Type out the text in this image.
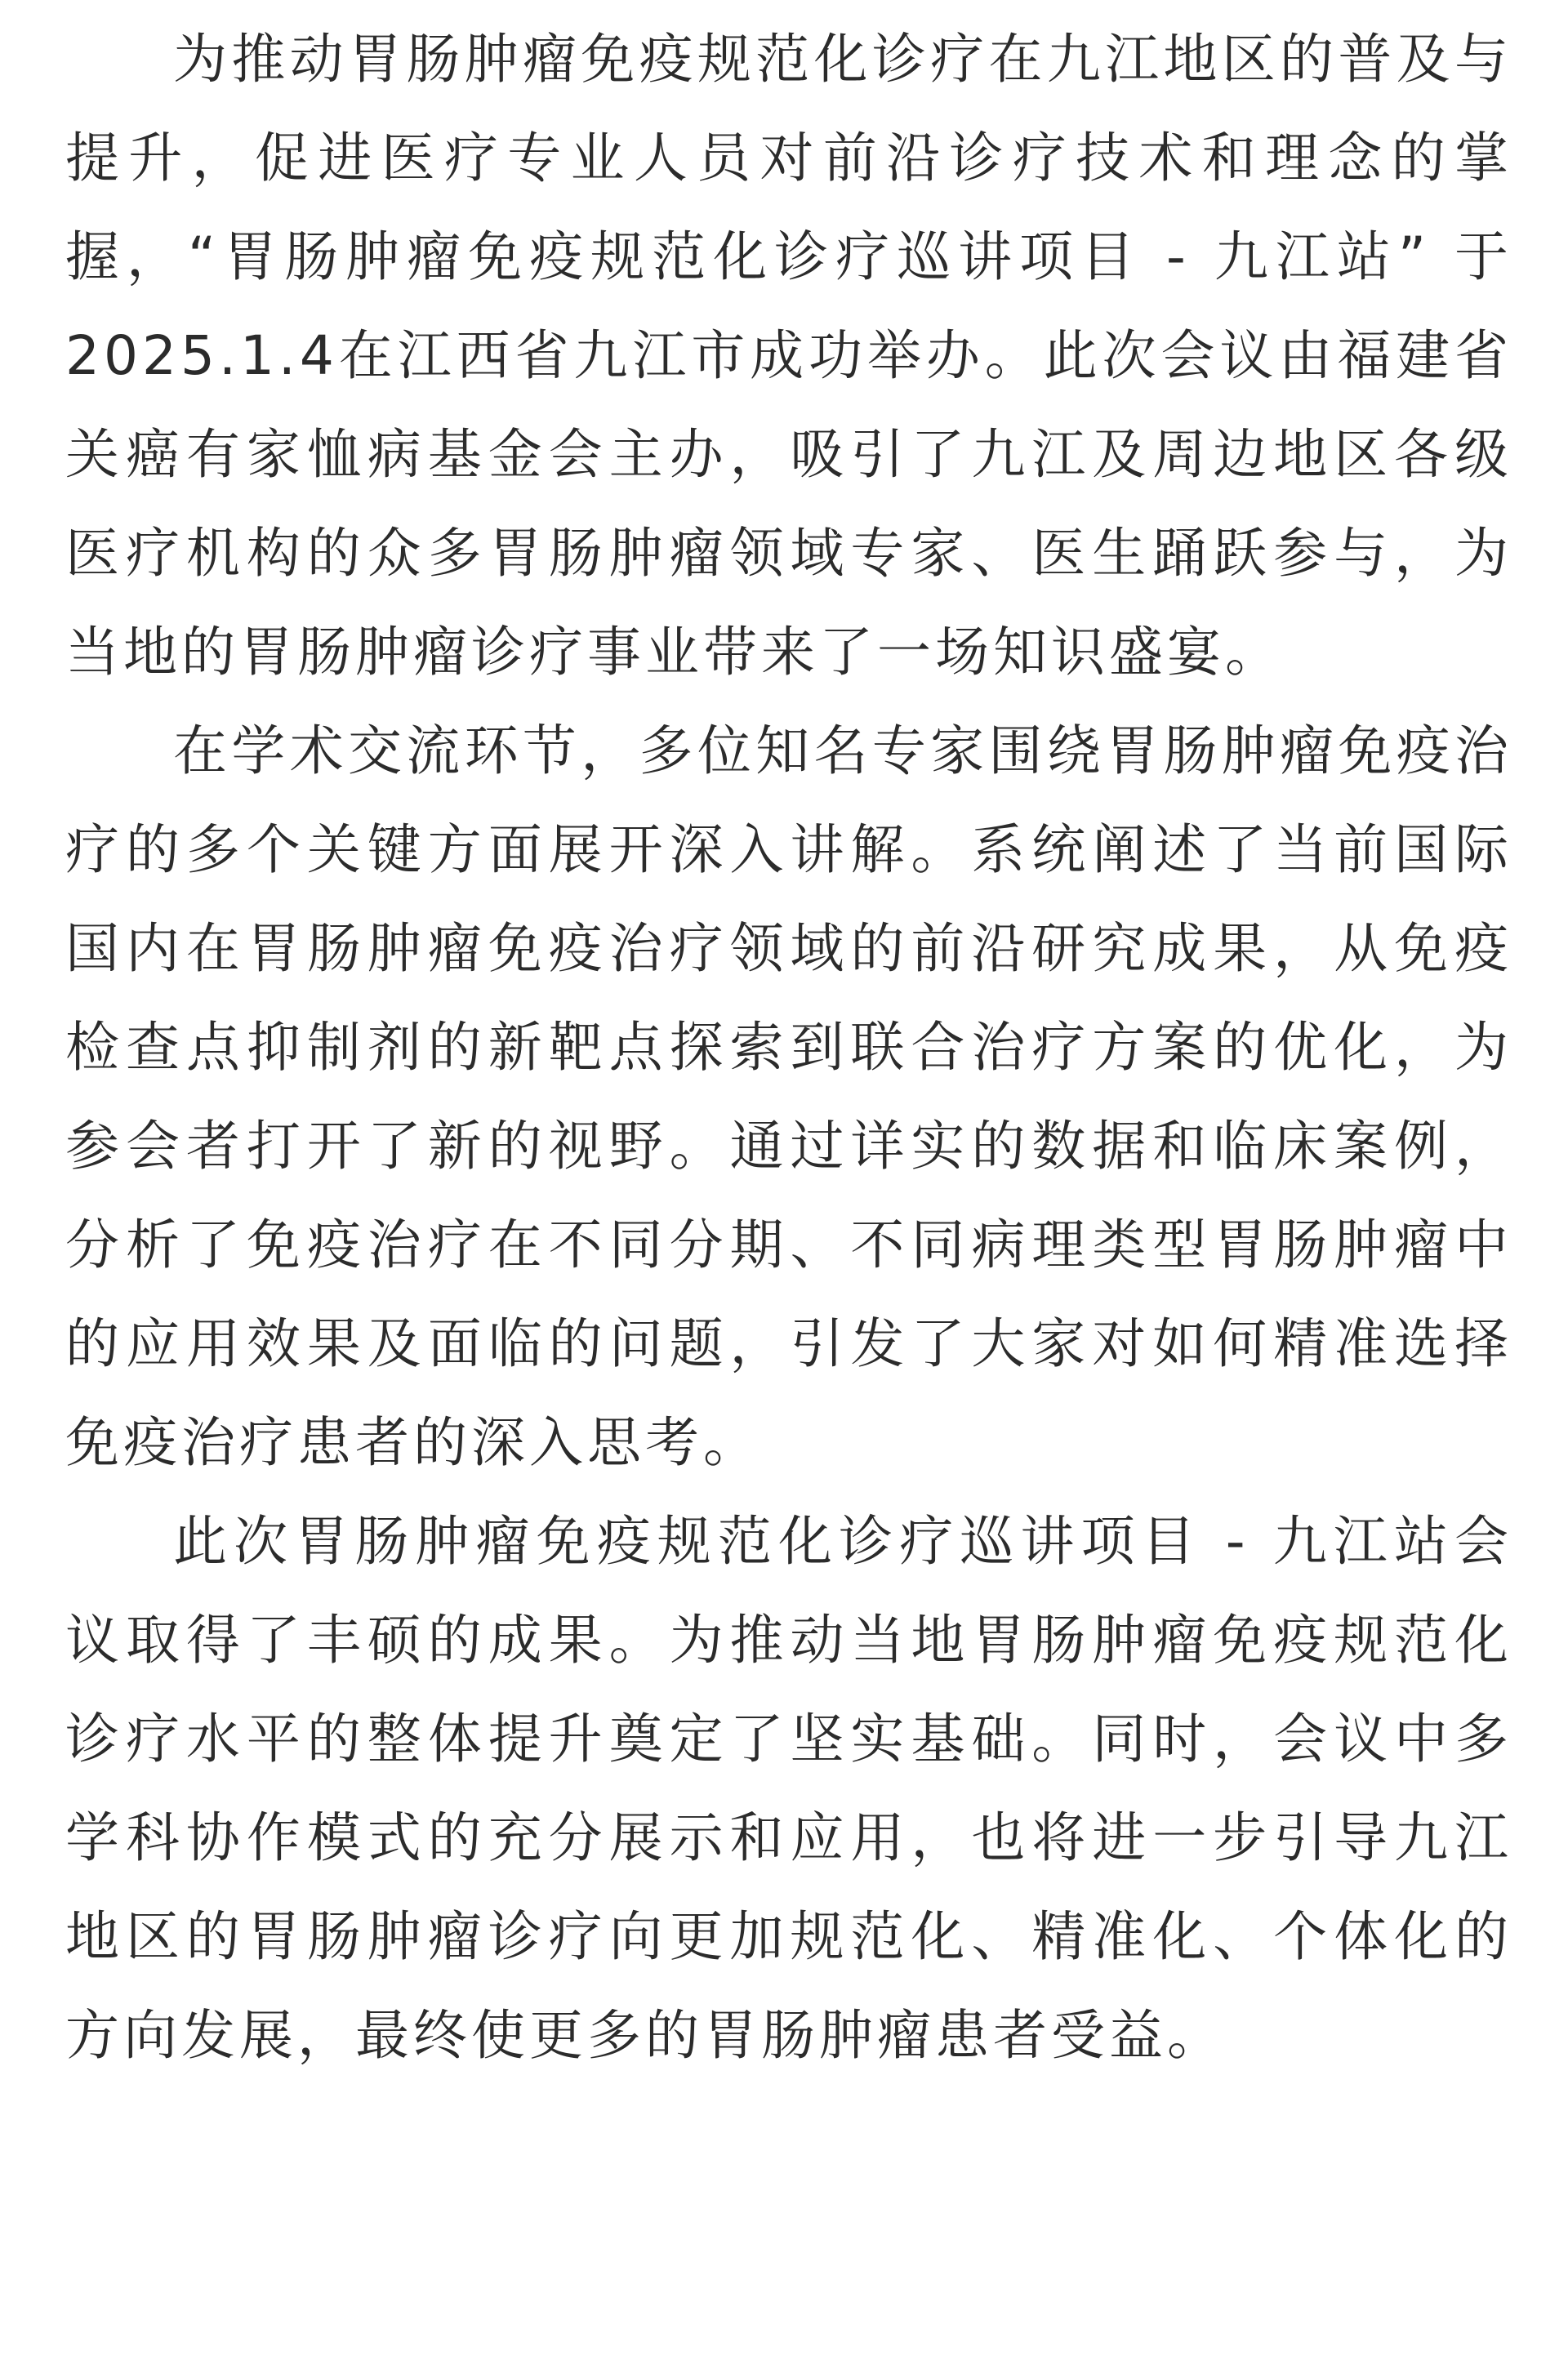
为推动胃肠肿瘤免疫规范化诊疗在九江地区的普及与提升，促进医疗专业人员对前沿诊疗技术和理念的掌握，“胃肠肿瘤免疫规范化诊疗巡讲项目 - 九江站” 于2025.1.4在江西省九江市成功举办。此次会议由福建省关癌有家恤病基金会主办，吸引了九江及周边地区各级医疗机构的众多胃肠肿瘤领域专家、医生踊跃参与，为当地的胃肠肿瘤诊疗事业带来了一场知识盛宴。

在学术交流环节，多位知名专家围绕胃肠肿瘤免疫治疗的多个关键方面展开深入讲解。系统阐述了当前国际国内在胃肠肿瘤免疫治疗领域的前沿研究成果，从免疫检查点抑制剂的新靶点探索到联合治疗方案的优化，为参会者打开了新的视野。通过详实的数据和临床案例，分析了免疫治疗在不同分期、不同病理类型胃肠肿瘤中的应用效果及面临的问题，引发了大家对如何精准选择免疫治疗患者的深入思考。

此次胃肠肿瘤免疫规范化诊疗巡讲项目 - 九江站会议取得了丰硕的成果。为推动当地胃肠肿瘤免疫规范化诊疗水平的整体提升奠定了坚实基础。同时，会议中多学科协作模式的充分展示和应用，也将进一步引导九江地区的胃肠肿瘤诊疗向更加规范化、精准化、个体化的方向发展，最终使更多的胃肠肿瘤患者受益。
